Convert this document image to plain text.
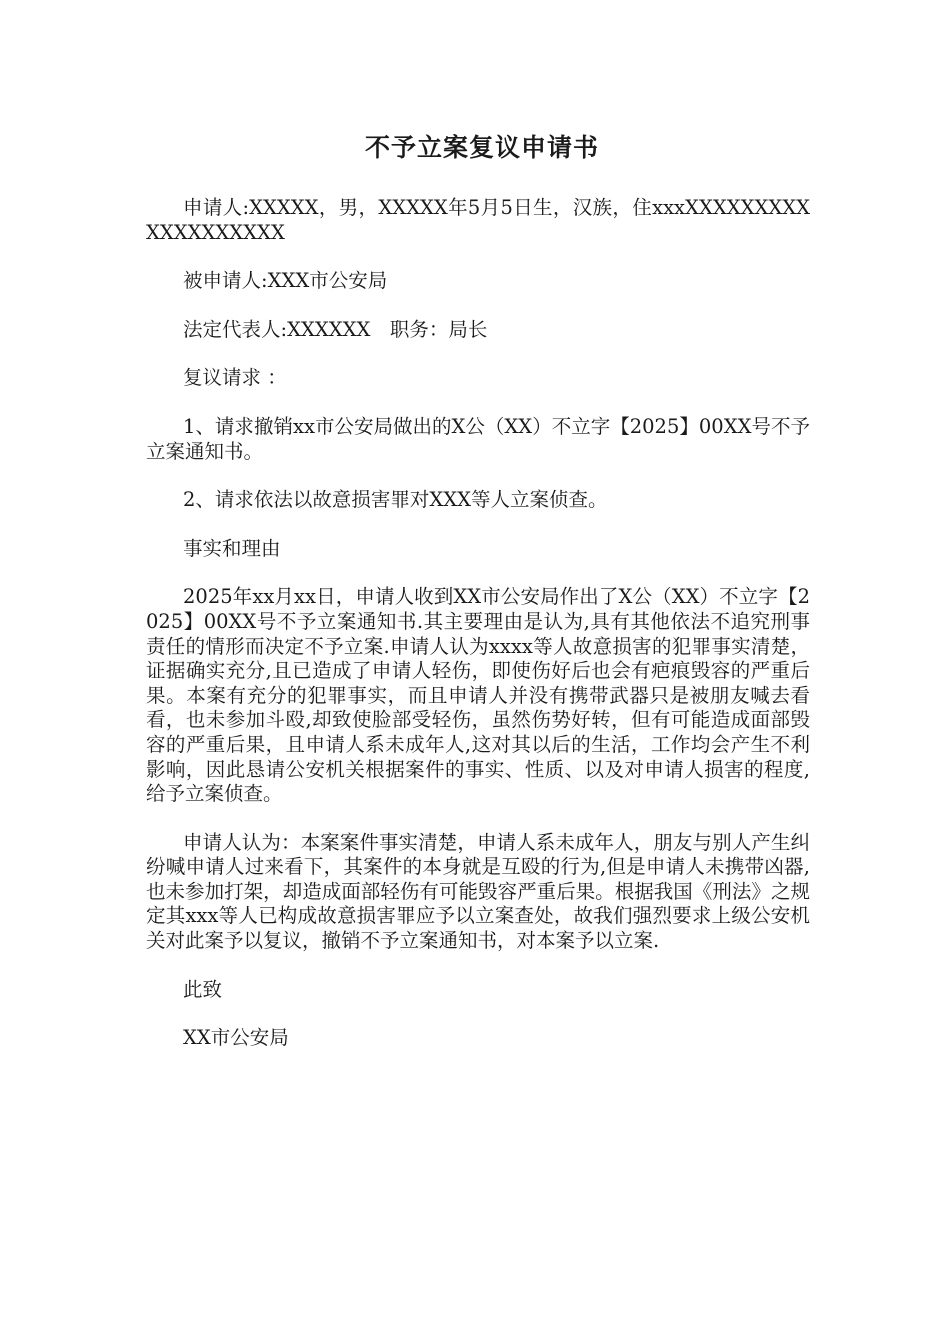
不予立案复议申请书

申请人:XXXXX，男，XXXXX年5月5日生，汉族，住xxxXXXXXXXXXXXXXXXXXXX

被申请人:XXX市公安局

法定代表人:XXXXXX　职务：局长

复议请求 ：

1、请求撤销xx市公安局做出的X公（XX）不立字【2025】00XX号不予立案通知书。

2、请求依法以故意损害罪对XXX等人立案侦查。

事实和理由

2025年xx月xx日，申请人收到XX市公安局作出了X公（XX）不立字【2025】00XX号不予立案通知书.其主要理由是认为,具有其他依法不追究刑事责任的情形而决定不予立案.申请人认为xxxx等人故意损害的犯罪事实清楚，证据确实充分,且已造成了申请人轻伤，即使伤好后也会有疤痕毁容的严重后果。本案有充分的犯罪事实，而且申请人并没有携带武器只是被朋友喊去看看，也未参加斗殴,却致使脸部受轻伤，虽然伤势好转，但有可能造成面部毁容的严重后果，且申请人系未成年人,这对其以后的生活，工作均会产生不利影响，因此恳请公安机关根据案件的事实、性质、以及对申请人损害的程度,给予立案侦查。

申请人认为：本案案件事实清楚，申请人系未成年人，朋友与别人产生纠纷喊申请人过来看下，其案件的本身就是互殴的行为,但是申请人未携带凶器,也未参加打架，却造成面部轻伤有可能毁容严重后果。根据我国《刑法》之规定其xxx等人已构成故意损害罪应予以立案查处，故我们强烈要求上级公安机关对此案予以复议，撤销不予立案通知书，对本案予以立案.

此致

XX市公安局
